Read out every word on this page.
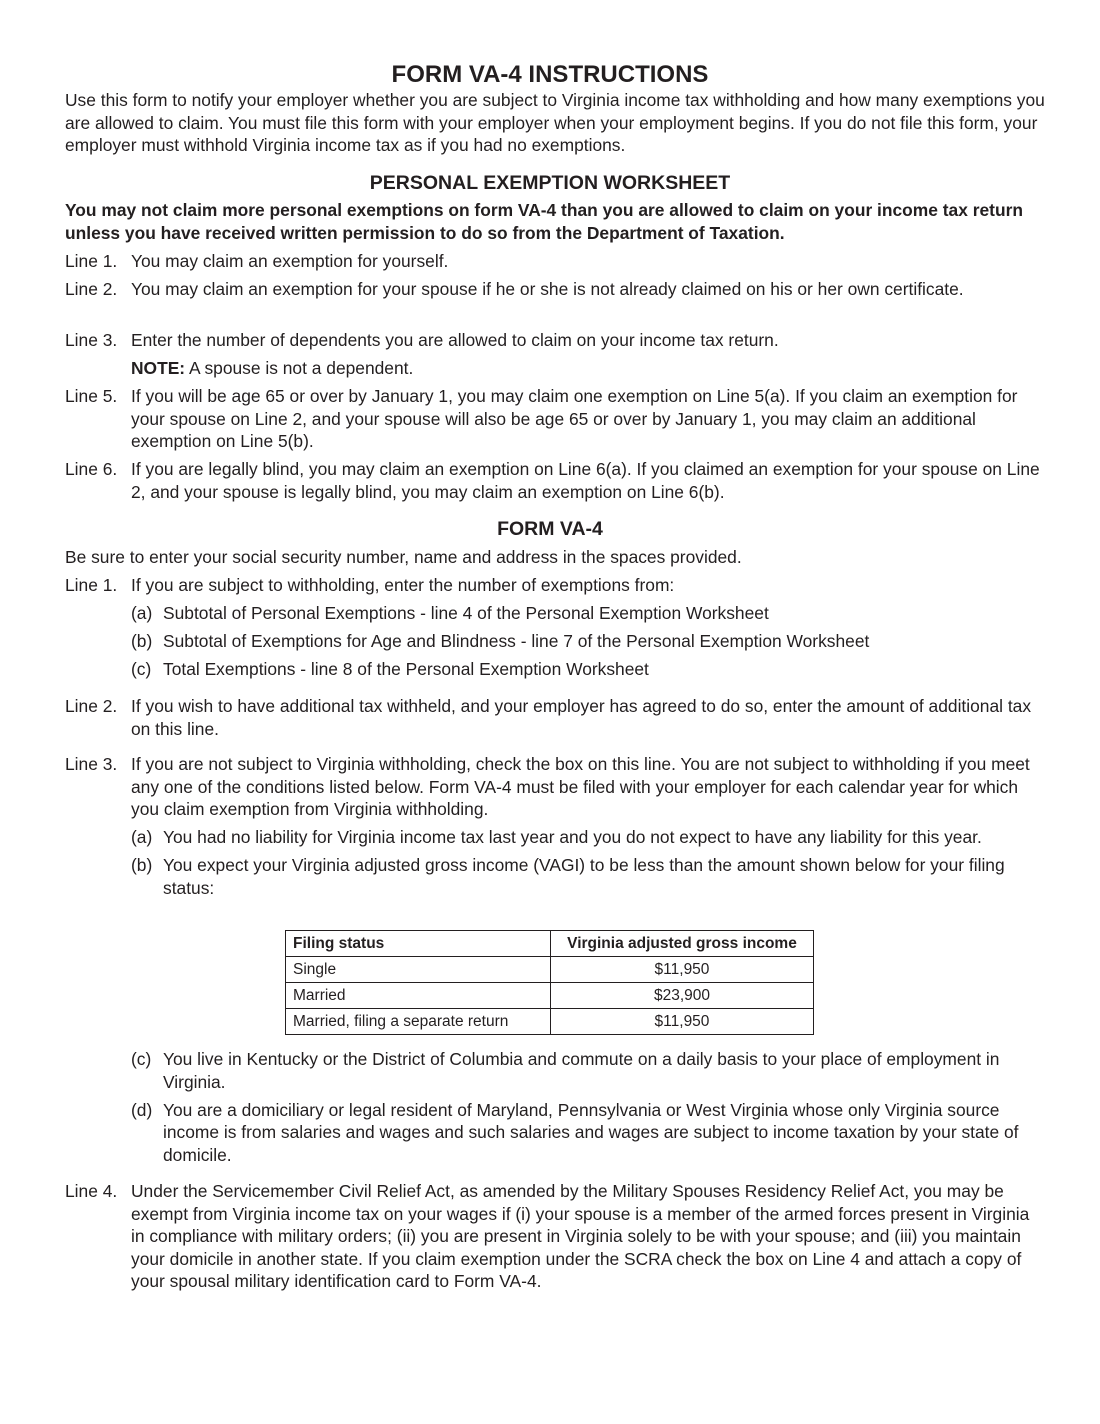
FORM VA-4 INSTRUCTIONS
Use this form to notify your employer whether you are subject to Virginia income tax withholding and how many exemptions you are allowed to claim. You must file this form with your employer when your employment begins. If you do not file this form, your employer must withhold Virginia income tax as if you had no exemptions.
PERSONAL EXEMPTION WORKSHEET
You may not claim more personal exemptions on form VA-4 than you are allowed to claim on your income tax return unless you have received written permission to do so from the Department of Taxation.
Line 1. You may claim an exemption for yourself.
Line 2. You may claim an exemption for your spouse if he or she is not already claimed on his or her own certificate.
Line 3. Enter the number of dependents you are allowed to claim on your income tax return.
NOTE: A spouse is not a dependent.
Line 5. If you will be age 65 or over by January 1, you may claim one exemption on Line 5(a). If you claim an exemption for your spouse on Line 2, and your spouse will also be age 65 or over by January 1, you may claim an additional exemption on Line 5(b).
Line 6. If you are legally blind, you may claim an exemption on Line 6(a). If you claimed an exemption for your spouse on Line 2, and your spouse is legally blind, you may claim an exemption on Line 6(b).
FORM VA-4
Be sure to enter your social security number, name and address in the spaces provided.
Line 1. If you are subject to withholding, enter the number of exemptions from:
(a) Subtotal of Personal Exemptions - line 4 of the Personal Exemption Worksheet
(b) Subtotal of Exemptions for Age and Blindness - line 7 of the Personal Exemption Worksheet
(c) Total Exemptions - line 8 of the Personal Exemption Worksheet
Line 2. If you wish to have additional tax withheld, and your employer has agreed to do so, enter the amount of additional tax on this line.
Line 3. If you are not subject to Virginia withholding, check the box on this line. You are not subject to withholding if you meet any one of the conditions listed below. Form VA-4 must be filed with your employer for each calendar year for which you claim exemption from Virginia withholding.
(a) You had no liability for Virginia income tax last year and you do not expect to have any liability for this year.
(b) You expect your Virginia adjusted gross income (VAGI) to be less than the amount shown below for your filing status:
Filing status	Virginia adjusted gross income
Single	$11,950
Married	$23,900
Married, filing a separate return	$11,950
(c) You live in Kentucky or the District of Columbia and commute on a daily basis to your place of employment in Virginia.
(d) You are a domiciliary or legal resident of Maryland, Pennsylvania or West Virginia whose only Virginia source income is from salaries and wages and such salaries and wages are subject to income taxation by your state of domicile.
Line 4. Under the Servicemember Civil Relief Act, as amended by the Military Spouses Residency Relief Act, you may be exempt from Virginia income tax on your wages if (i) your spouse is a member of the armed forces present in Virginia in compliance with military orders; (ii) you are present in Virginia solely to be with your spouse; and (iii) you maintain your domicile in another state. If you claim exemption under the SCRA check the box on Line 4 and attach a copy of your spousal military identification card to Form VA-4.
